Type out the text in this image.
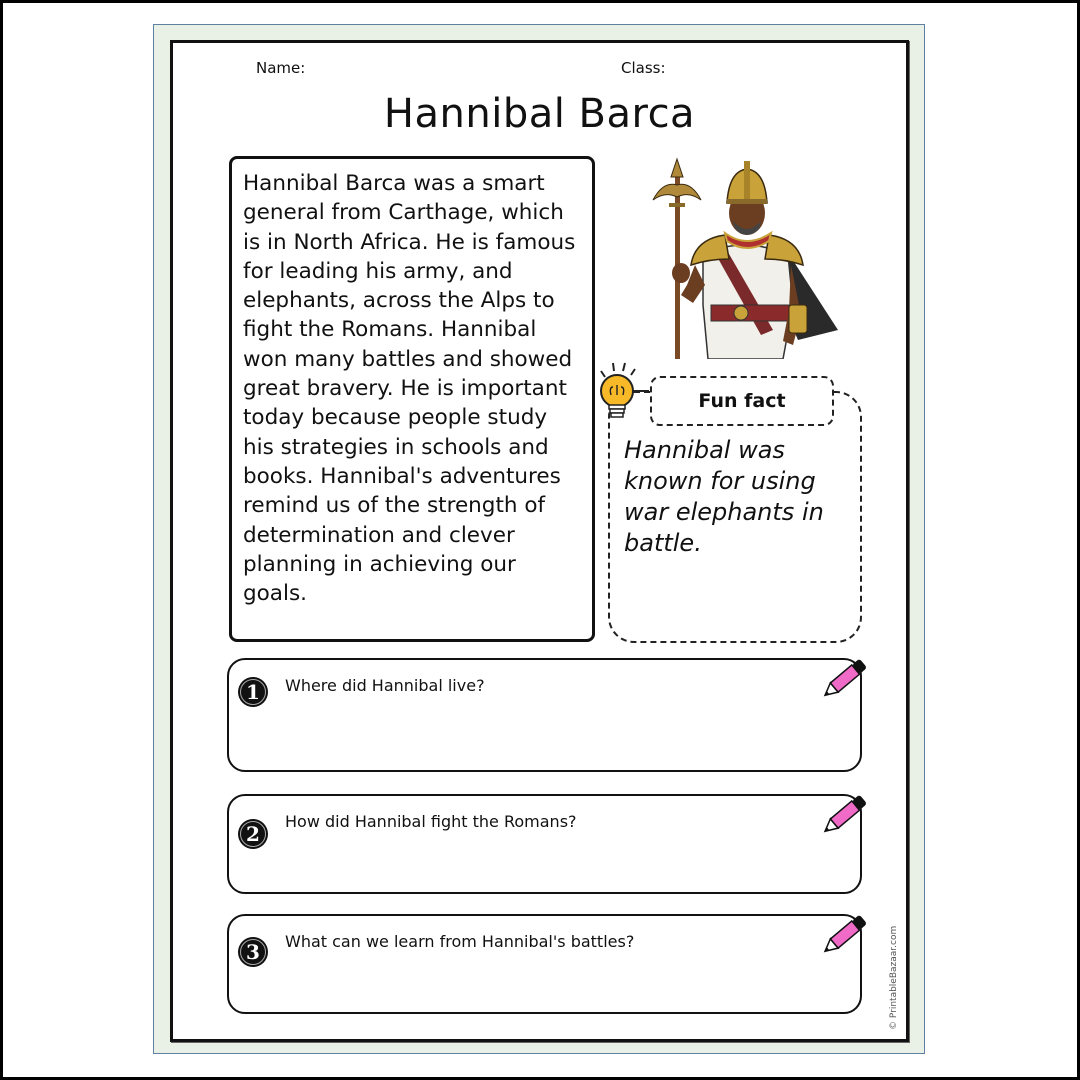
Name:	Class:
Hannibal Barca

Hannibal Barca was a smart general from Carthage, which is in North Africa. He is famous for leading his army, and elephants, across the Alps to fight the Romans. Hannibal won many battles and showed great bravery. He is important today because people study his strategies in schools and books. Hannibal's adventures remind us of the strength of determination and clever planning in achieving our goals.

Fun fact
Hannibal was known for using war elephants in battle.
1 Where did Hannibal live?
2
How did Hannibal fight the Romans?
3 What can we learn from Hannibal's battles?	© PrintableBazaar.com
